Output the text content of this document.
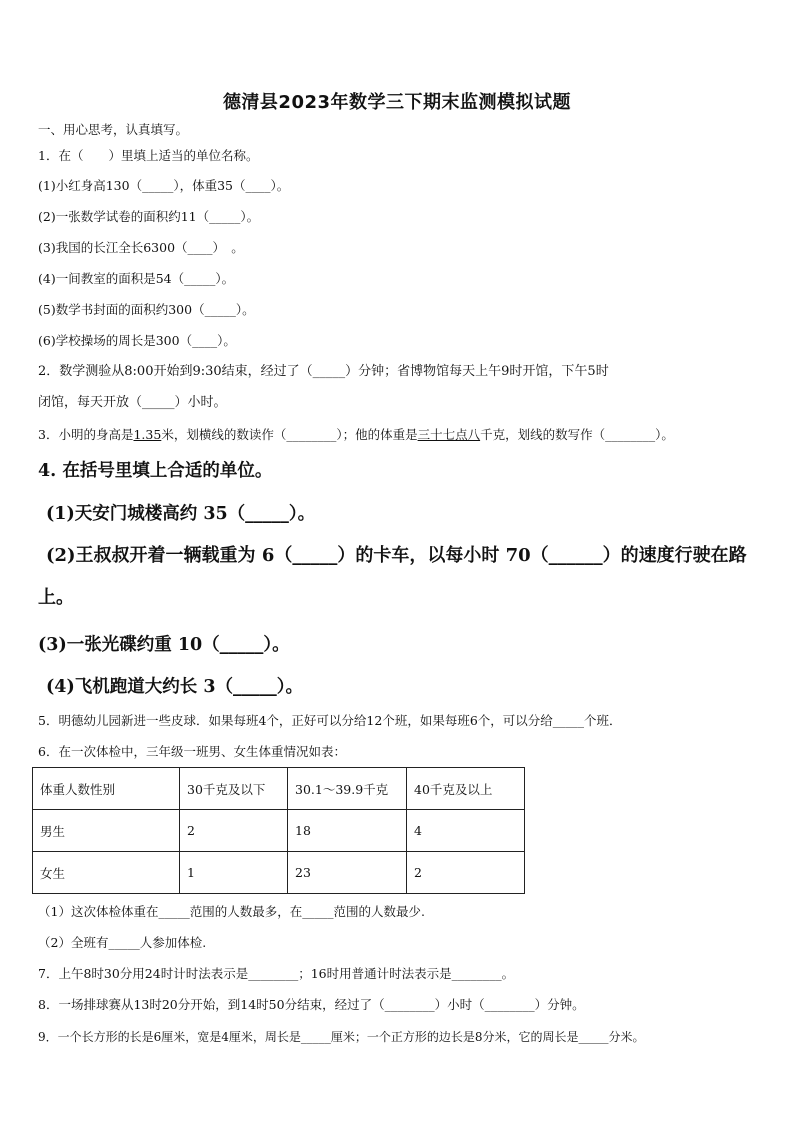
德清县2023年数学三下期末监测模拟试题
一、用心思考，认真填写。
1．在（　　）里填上适当的单位名称。
(1)小红身高130（_____），体重35（____）。
(2)一张数学试卷的面积约11（_____）。
(3)我国的长江全长6300（____）　。
(4)一间教室的面积是54（_____）。
(5)数学书封面的面积约300（_____）。
(6)学校操场的周长是300（____）。
2．数学测验从8:00开始到9:30结束，经过了（_____）分钟；省博物馆每天上午9时开馆，下午5时
闭馆，每天开放（_____）小时。
3．小明的身高是1.35米，划横线的数读作（________）；他的体重是三十七点八千克，划线的数写作（________）。
4. 在括号里填上合适的单位。
(1)天安门城楼高约 35（_____）。
(2)王叔叔开着一辆载重为 6（_____）的卡车，以每小时 70（______）的速度行驶在路
上。
(3)一张光碟约重 10（_____）。
(4)飞机跑道大约长 3（_____）。
5．明德幼儿园新进一些皮球．如果每班4个，正好可以分给12个班，如果每班6个，可以分给_____个班．
6．在一次体检中，三年级一班男、女生体重情况如表：
体重人数性别	30千克及以下	30.1～39.9千克	40千克及以上
男生	2	18	4
女生	1	23	2
（1）这次体检体重在_____范围的人数最多，在_____范围的人数最少.
（2）全班有_____人参加体检.
7．上午8时30分用24时计时法表示是________；16时用普通计时法表示是________。
8．一场排球赛从13时20分开始，到14时50分结束，经过了（________）小时（________）分钟。
9．一个长方形的长是6厘米，宽是4厘米，周长是_____厘米；一个正方形的边长是8分米，它的周长是_____分米。
